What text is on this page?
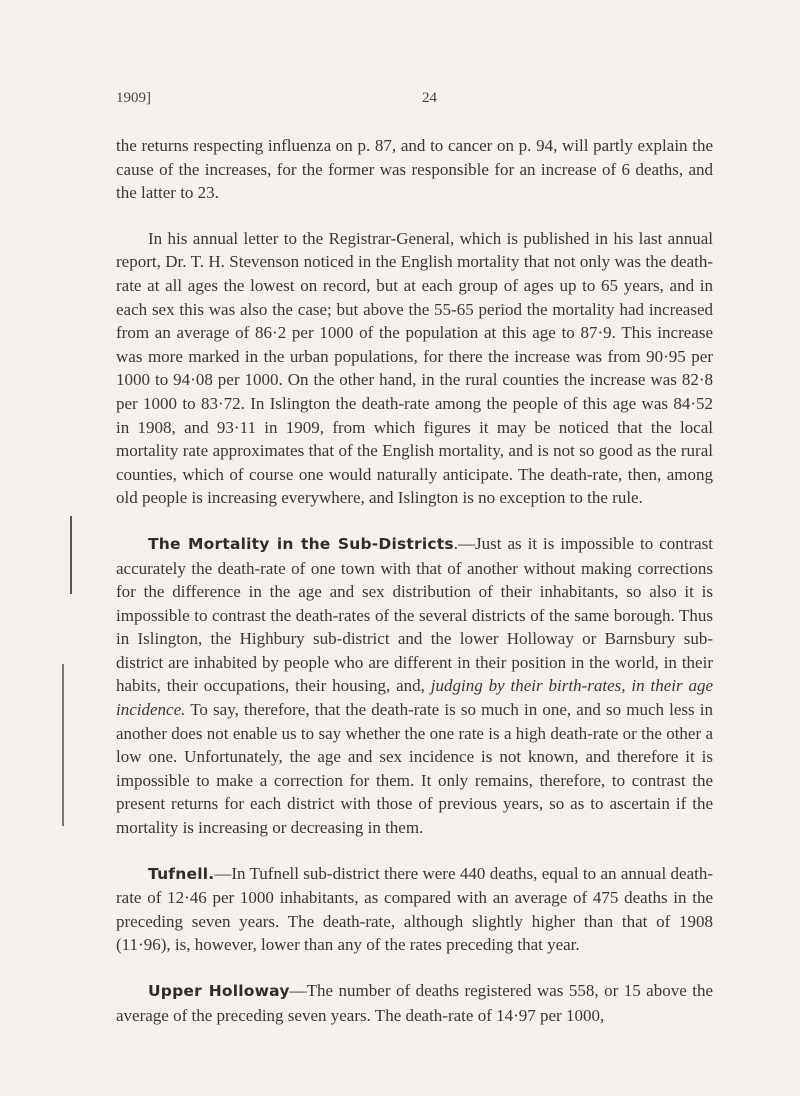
1909]	24

the returns respecting influenza on p. 87, and to cancer on p. 94, will partly explain the cause of the increases, for the former was responsible for an increase of 6 deaths, and the latter to 23.

In his annual letter to the Registrar-General, which is published in his last annual report, Dr. T. H. Stevenson noticed in the English mortality that not only was the death-rate at all ages the lowest on record, but at each group of ages up to 65 years, and in each sex this was also the case; but above the 55-65 period the mortality had increased from an average of 86·2 per 1000 of the population at this age to 87·9. This increase was more marked in the urban populations, for there the increase was from 90·95 per 1000 to 94·08 per 1000. On the other hand, in the rural counties the increase was 82·8 per 1000 to 83·72. In Islington the death-rate among the people of this age was 84·52 in 1908, and 93·11 in 1909, from which figures it may be noticed that the local mortality rate approximates that of the English mortality, and is not so good as the rural counties, which of course one would naturally anticipate. The death-rate, then, among old people is increasing everywhere, and Islington is no exception to the rule.

The Mortality in the Sub-Districts.—Just as it is impossible to contrast accurately the death-rate of one town with that of another without making corrections for the difference in the age and sex distribution of their inhabitants, so also it is impossible to contrast the death-rates of the several districts of the same borough. Thus in Islington, the Highbury sub-district and the lower Holloway or Barnsbury sub-district are inhabited by people who are different in their position in the world, in their habits, their occupations, their housing, and, judging by their birth-rates, in their age incidence. To say, therefore, that the death-rate is so much in one, and so much less in another does not enable us to say whether the one rate is a high death-rate or the other a low one. Unfortunately, the age and sex incidence is not known, and therefore it is impossible to make a correction for them. It only remains, therefore, to contrast the present returns for each district with those of previous years, so as to ascertain if the mortality is increasing or decreasing in them.

Tufnell.—In Tufnell sub-district there were 440 deaths, equal to an annual death-rate of 12·46 per 1000 inhabitants, as compared with an average of 475 deaths in the preceding seven years. The death-rate, although slightly higher than that of 1908 (11·96), is, however, lower than any of the rates preceding that year.

Upper Holloway—The number of deaths registered was 558, or 15 above the average of the preceding seven years. The death-rate of 14·97 per 1000,
